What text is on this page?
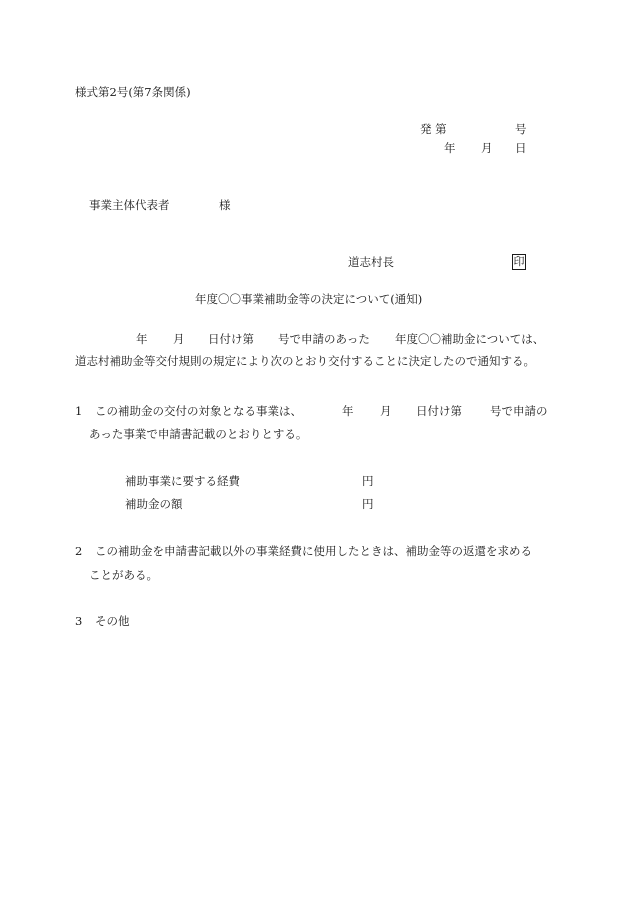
様式第2号(第7条関係)
発 第	号
年 月 日
事業主体代表者	様
道志村長	印
年度〇〇事業補助金等の決定について(通知)
年 月 日付け第 号で申請のあった 年度〇〇補助金については、
道志村補助金等交付規則の規定により次のとおり交付することに決定したので通知する。
1 この補助金の交付の対象となる事業は、	年 月 日付け第 号で申請の
あった事業で申請書記載のとおりとする。
補助事業に要する経費	円
補助金の額	円
2 この補助金を申請書記載以外の事業経費に使用したときは、補助金等の返還を求める
ことがある。
3 その他
